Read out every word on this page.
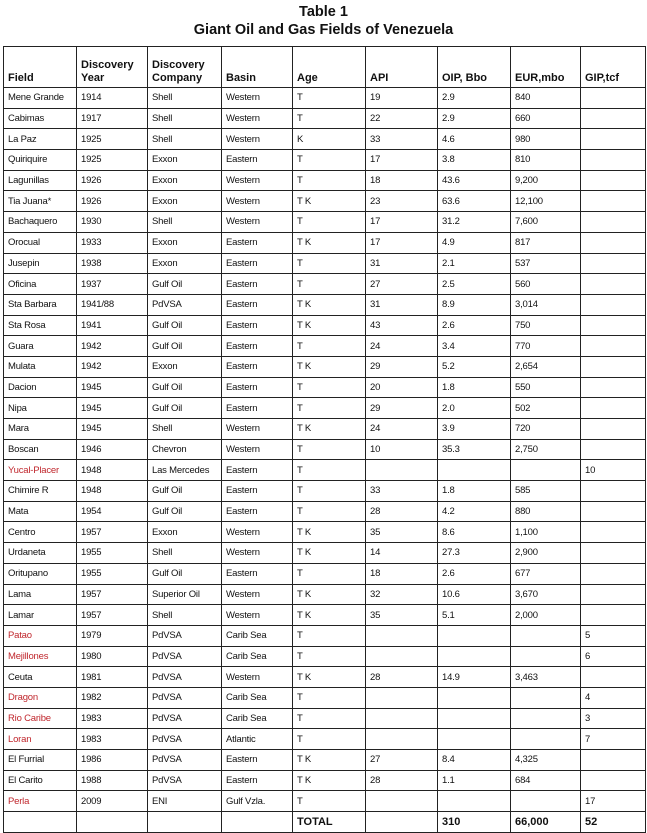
Table 1
Giant Oil and Gas Fields of Venezuela
Field	Discovery Year	Discovery Company	Basin	Age	API	OIP, Bbo	EUR,mbo	GIP,tcf
Mene Grande	1914	Shell	Western	T	19	2.9	840	
Cabimas	1917	Shell	Western	T	22	2.9	660	
La Paz	1925	Shell	Western	K	33	4.6	980	
Quiriquire	1925	Exxon	Eastern	T	17	3.8	810	
Lagunillas	1926	Exxon	Western	T	18	43.6	9,200	
Tia Juana*	1926	Exxon	Western	T K	23	63.6	12,100	
Bachaquero	1930	Shell	Western	T	17	31.2	7,600	
Orocual	1933	Exxon	Eastern	T K	17	4.9	817	
Jusepin	1938	Exxon	Eastern	T	31	2.1	537	
Oficina	1937	Gulf Oil	Eastern	T	27	2.5	560	
Sta Barbara	1941/88	PdVSA	Eastern	T K	31	8.9	3,014	
Sta Rosa	1941	Gulf Oil	Eastern	T K	43	2.6	750	
Guara	1942	Gulf Oil	Eastern	T	24	3.4	770	
Mulata	1942	Exxon	Eastern	T K	29	5.2	2,654	
Dacion	1945	Gulf Oil	Eastern	T	20	1.8	550	
Nipa	1945	Gulf Oil	Eastern	T	29	2.0	502	
Mara	1945	Shell	Western	T K	24	3.9	720	
Boscan	1946	Chevron	Western	T	10	35.3	2,750	
Yucal-Placer	1948	Las Mercedes	Eastern	T				10
Chimire R	1948	Gulf Oil	Eastern	T	33	1.8	585	
Mata	1954	Gulf Oil	Eastern	T	28	4.2	880	
Centro	1957	Exxon	Western	T K	35	8.6	1,100	
Urdaneta	1955	Shell	Western	T K	14	27.3	2,900	
Oritupano	1955	Gulf Oil	Eastern	T	18	2.6	677	
Lama	1957	Superior Oil	Western	T K	32	10.6	3,670	
Lamar	1957	Shell	Western	T K	35	5.1	2,000	
Patao	1979	PdVSA	Carib Sea	T				5
Mejillones	1980	PdVSA	Carib Sea	T				6
Ceuta	1981	PdVSA	Western	T K	28	14.9	3,463	
Dragon	1982	PdVSA	Carib Sea	T				4
Rio Caribe	1983	PdVSA	Carib Sea	T				3
Loran	1983	PdVSA	Atlantic	T				7
El Furrial	1986	PdVSA	Eastern	T K	27	8.4	4,325	
El Carito	1988	PdVSA	Eastern	T K	28	1.1	684	
Perla	2009	ENI	Gulf Vzla.	T				17
				TOTAL		310	66,000	52
